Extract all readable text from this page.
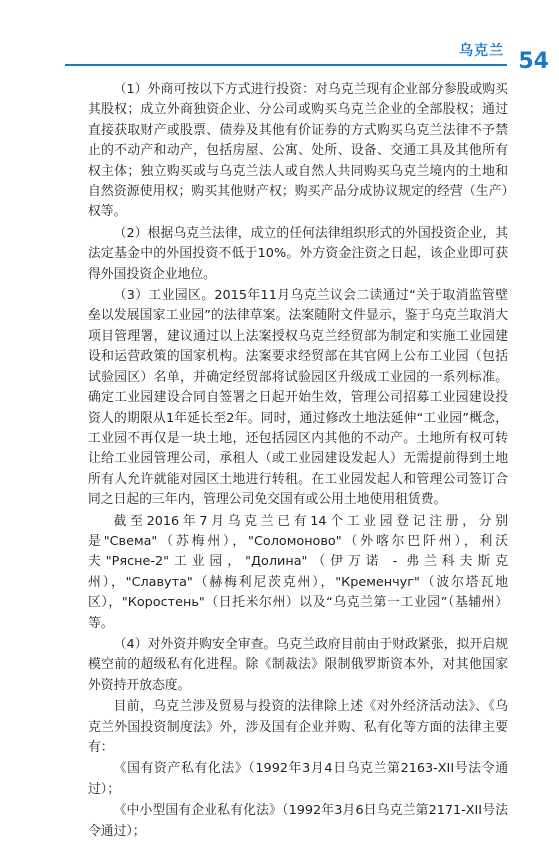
乌克兰 54

（1）外商可按以下方式进行投资：对乌克兰现有企业部分参股或购买其股权；成立外商独资企业、分公司或购买乌克兰企业的全部股权；通过直接获取财产或股票、债券及其他有价证券的方式购买乌克兰法律不予禁止的不动产和动产，包括房屋、公寓、处所、设备、交通工具及其他所有权主体；独立购买或与乌克兰法人或自然人共同购买乌克兰境内的土地和自然资源使用权；购买其他财产权；购买产品分成协议规定的经营（生产）权等。

（2）根据乌克兰法律，成立的任何法律组织形式的外国投资企业，其法定基金中的外国投资不低于10%。外方资金注资之日起，该企业即可获得外国投资企业地位。

（3）工业园区。2015年11月乌克兰议会二读通过“关于取消监管壁垒以发展国家工业园”的法律草案。法案随附文件显示，鉴于乌克兰取消大项目管理署，建议通过以上法案授权乌克兰经贸部为制定和实施工业园建设和运营政策的国家机构。法案要求经贸部在其官网上公布工业园（包括试验园区）名单，并确定经贸部将试验园区升级成工业园的一系列标准。确定工业园建设合同自签署之日起开始生效，管理公司招募工业园建设投资人的期限从1年延长至2年。同时，通过修改土地法延伸“工业园”概念，工业园不再仅是一块土地，还包括园区内其他的不动产。土地所有权可转让给工业园管理公司，承租人（或工业园建设发起人）无需提前得到土地所有人允许就能对园区土地进行转租。在工业园发起人和管理公司签订合同之日起的三年内，管理公司免交国有或公用土地使用租赁费。

截至2016年7月乌克兰已有14个工业园登记注册，分别是"Свема"（苏梅州），"Соломоново"（外喀尔巴阡州），利沃夫"Рясне-2"工业园，"Долина"（伊万诺 - 弗兰科夫斯克州），"Славута"（赫梅利尼茨克州），"Кременчуг"（波尔塔瓦地区），"Коростень"（日托米尔州）以及“乌克兰第一工业园”（基辅州）等。

（4）对外资并购安全审查。乌克兰政府目前由于财政紧张，拟开启规模空前的超级私有化进程。除《制裁法》限制俄罗斯资本外，对其他国家外资持开放态度。

目前，乌克兰涉及贸易与投资的法律除上述《对外经济活动法》、《乌克兰外国投资制度法》外，涉及国有企业并购、私有化等方面的法律主要有：

《国有资产私有化法》（1992年3月4日乌克兰第2163-XII号法令通过）；

《中小型国有企业私有化法》（1992年3月6日乌克兰第2171-XII号法令通过）；
